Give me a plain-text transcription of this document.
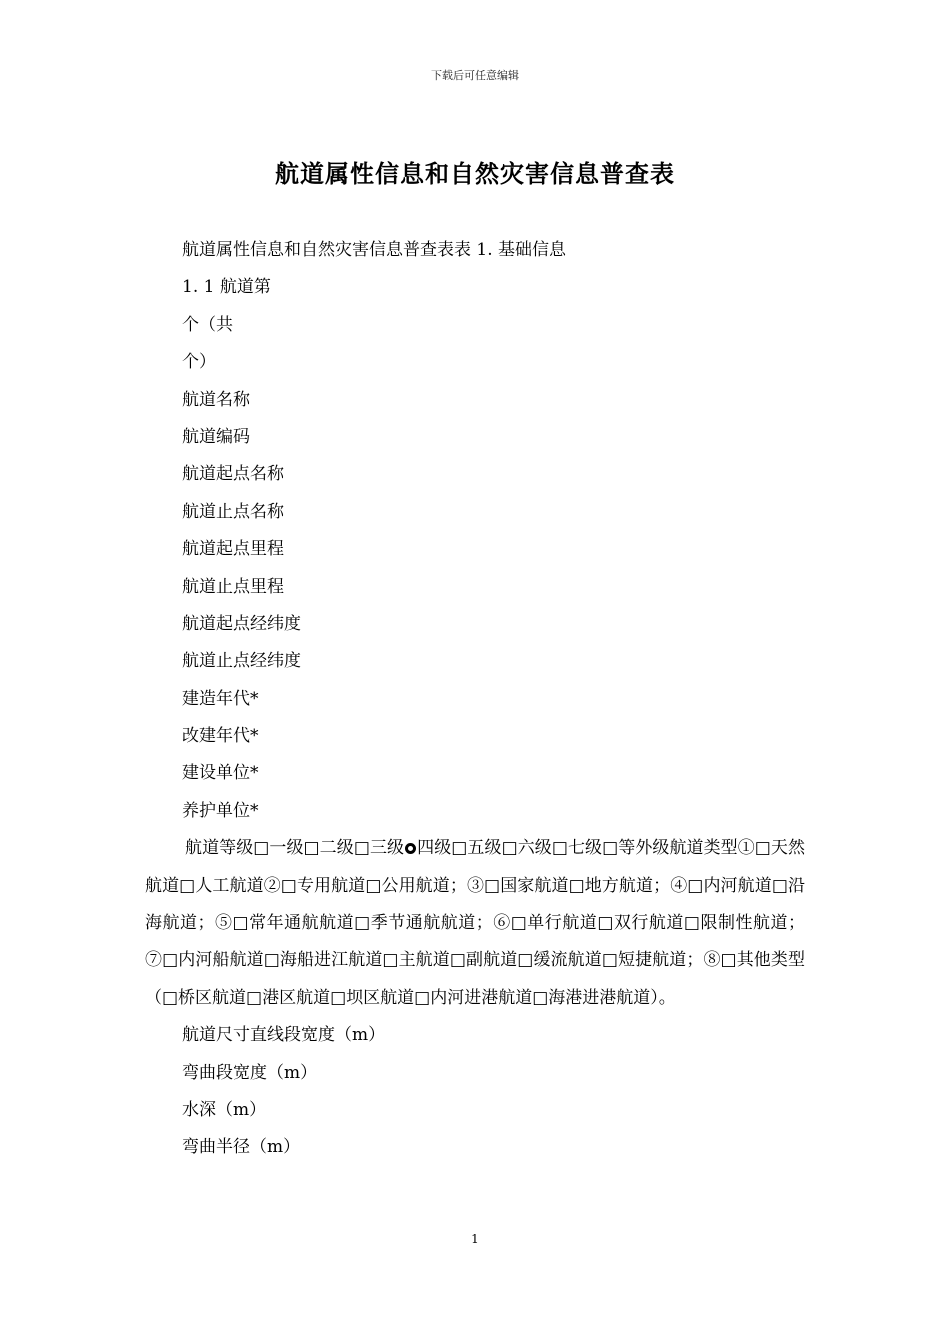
下载后可任意编辑
航道属性信息和自然灾害信息普查表
航道属性信息和自然灾害信息普查表表 1. 基础信息
1. 1 航道第
个（共
个）
航道名称
航道编码
航道起点名称
航道止点名称
航道起点里程
航道止点里程
航道起点经纬度
航道止点经纬度
建造年代*
改建年代*
建设单位*
养护单位*

航道等级□一级□二级□三级 四级□五级□六级□七级□等外级航道类型①□天然航道□人工航道②□专用航道□公用航道；③□国家航道□地方航道；④□内河航道□沿海航道；⑤□常年通航航道□季节通航航道；⑥□单行航道□双行航道□限制性航道；⑦□内河船航道□海船进江航道□主航道□副航道□缓流航道□短捷航道；⑧□其他类型（□桥区航道□港区航道□坝区航道□内河进港航道□海港进港航道）。

航道尺寸直线段宽度（m）
弯曲段宽度（m）
水深（m）
弯曲半径（m）
1
